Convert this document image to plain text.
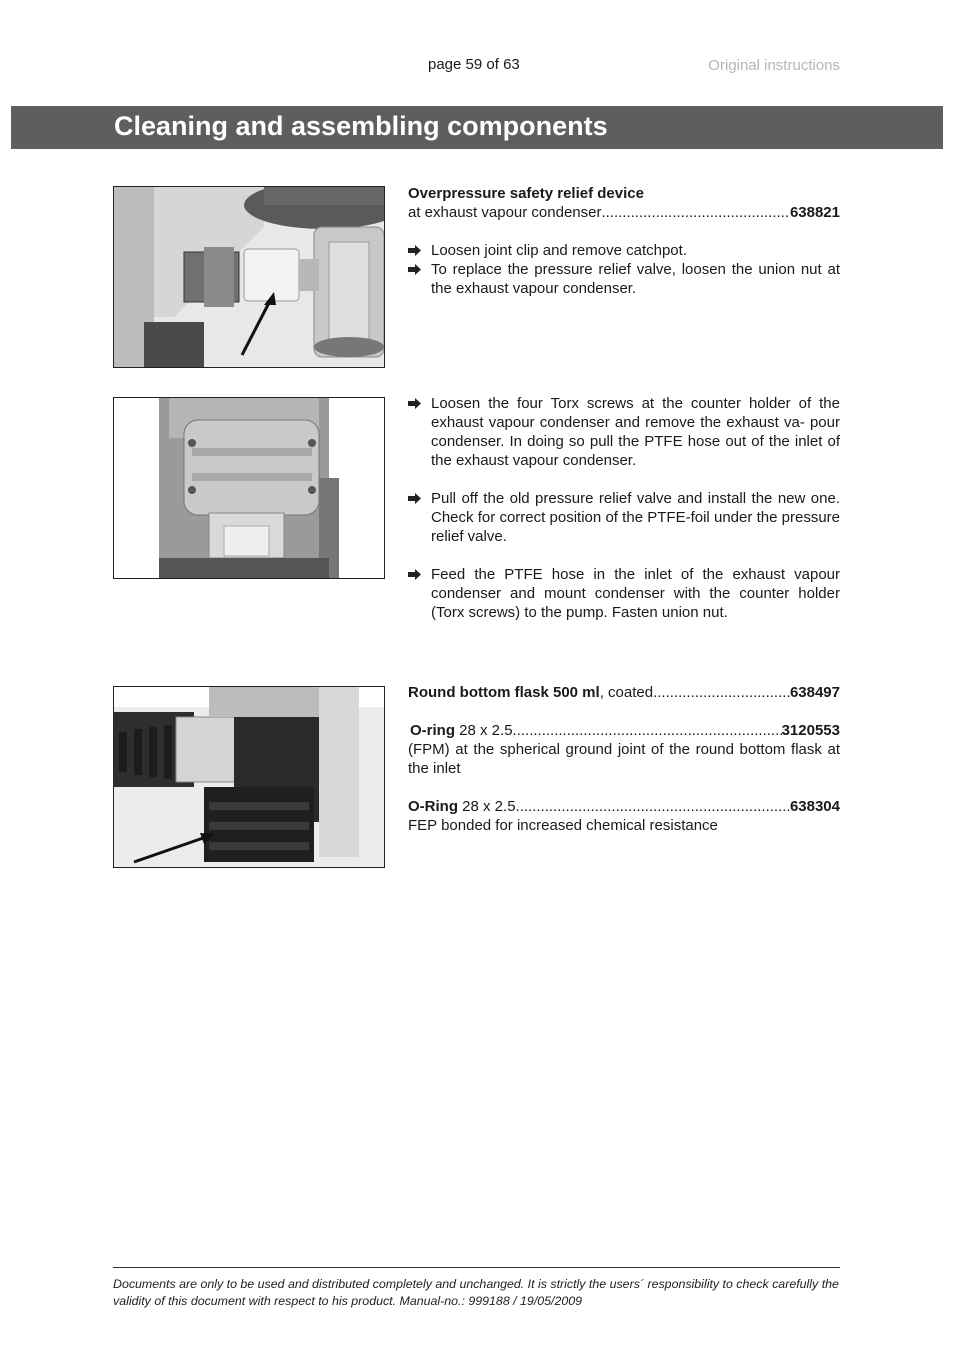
page 59 of 63	Original instructions
Cleaning and assembling components
Overpressure safety relief device
at exhaust vapour condenser .....	638821
Loosen joint clip and remove catchpot.
To replace the pressure relief valve, loosen the union nut at the exhaust vapour condenser.
Loosen the four Torx screws at the counter holder of the exhaust vapour condenser and remove the exhaust va- pour condenser. In doing so pull the PTFE hose out of the inlet of the exhaust vapour condenser.
Pull off the old pressure relief valve and install the new one. Check for correct position of the PTFE-foil under the pressure relief valve.
Feed the PTFE hose in the inlet of the exhaust vapour condenser and mount condenser with the counter holder (Torx screws) to the pump. Fasten union nut.
Round bottom flask 500 ml, coated .....	638497
O-ring 28 x 2.5 .....	3120553
(FPM) at the spherical ground joint of the round bottom flask at the inlet
O-Ring 28 x 2.5 .....	638304
FEP bonded for increased chemical resistance
Documents are only to be used and distributed completely and unchanged. It is strictly the users´ responsibility to check carefully the validity of this document with respect to his product. Manual-no.: 999188 / 19/05/2009
